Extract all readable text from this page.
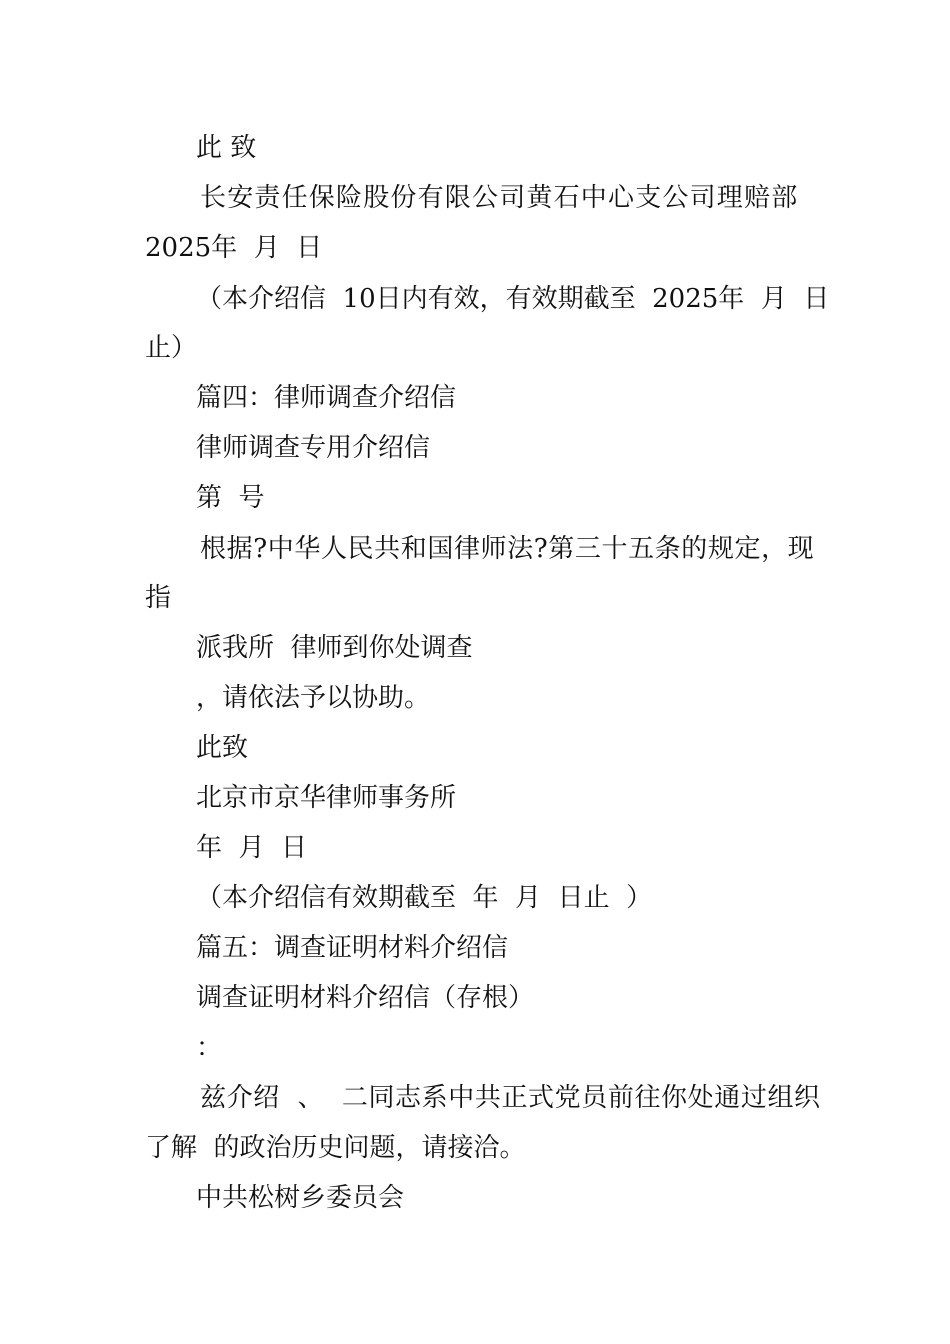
此 致

长安责任保险股份有限公司黄石中心支公司理赔部

2025年  月  日

（本介绍信  10日内有效，有效期截至  2025年  月  日

止）

篇四：律师调查介绍信

律师调查专用介绍信

第  号

根据?中华人民共和国律师法?第三十五条的规定，现

指

派我所  律师到你处调查

，请依法予以协助。

此致

北京市京华律师事务所

年  月  日

（本介绍信有效期截至  年  月  日止  ）

篇五：调查证明材料介绍信

调查证明材料介绍信（存根）

：

兹介绍  、  二同志系中共正式党员前往你处通过组织

了解  的政治历史问题，请接洽。

中共松树乡委员会
